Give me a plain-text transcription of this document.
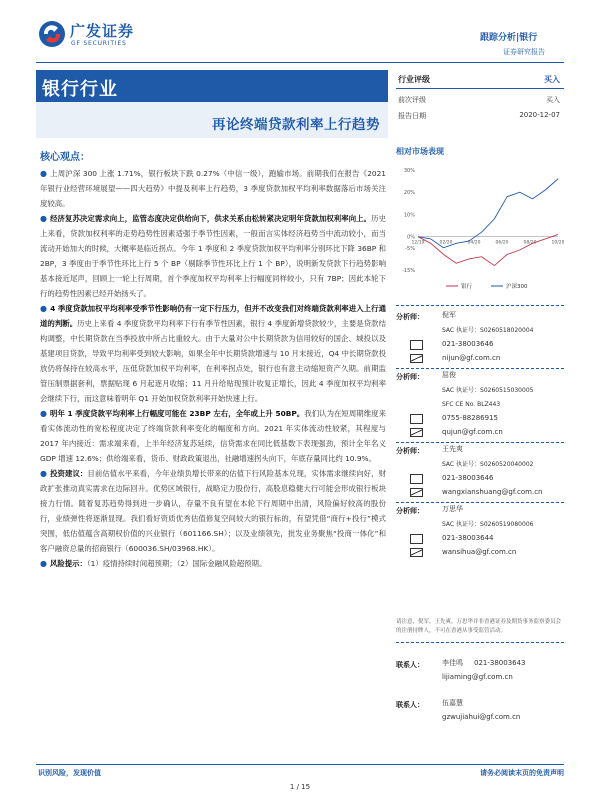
广发证券
GF SECURITIES
跟踪分析|银行
证券研究报告
银行行业
再论终端贷款利率上行趋势
行业评级	买入
前次评级	买入
报告日期	2020-12-07
核心观点：
● 上周沪深 300 上涨 1.71%，银行板块下跌 0.27%（中信一级），跑输市场。前期我们在报告《2021 年银行业经营环境展望——四大趋势》中提及利率上行趋势，3 季度贷款加权平均利率数据落后市场关注度较高。
● 经济复苏决定需求向上，监管态度决定供给向下，供求关系由松转紧决定明年贷款加权利率向上。历史上来看，贷款加权利率的走势趋势性因素适强于季节性因素，一般而言实体经济趋势当中流动较小，而当流动开始加大的时候，大概率是临近拐点。今年 1 季度和 2 季度贷款加权平均利率分别环比下降 36BP 和 2BP，3 季度由于季节性环比上行 5 个 BP（剔除季节性环比上行 1 个 BP），说明新发贷款下行趋势影响基本接近尾声，回顾上一轮上行周期，首个季度加权平均利率上行幅度同样较小，只有 7BP；因此本轮下行的趋势性因素已经开始扬头了。
● 4 季度贷款加权平均利率受季节性影响仍有一定下行压力，但并不改变我们对终端贷款利率进入上行通道的判断。历史上来看 4 季度贷款平均利率下行有季节性因素，银行 4 季度新增贷款较少，主要是贷款结构调整，中长期贷款在当季投放中所占比重较大。由于大量对公中长期贷款为信用较好的国企、城投以及基建项目贷款，导致平均利率受到较大影响，如果全年中长期贷款增速与 10 月末接近，Q4 中长期贷款投放仍将保持在较高水平，压低贷款加权平均利率，在利率拐点处，银行也有意主动缩短资产久期。前期监管压制票据套利，票据贴现 6 月起逐月收缩；11 月升给贴现预计收复正增长，因此 4 季度加权平均利率会继续下行，而这意味着明年 Q1 开始加权贷款利率开始快速上行。
● 明年 1 季度贷款平均利率上行幅度可能在 23BP 左右，全年或上升 50BP。我们认为在短周期维度来看实体流动性的宽松程度决定了终端贷款利率变化的幅度和方向。2021 年实体流动性较紧，其程度与 2017 年内接近：需求端来看，上半年经济复苏延续，信贷需求在同比低基数下表现强劲，预计全年名义 GDP 增速 12.6%；供给端来看，货币、财政政策退出，社融增速拐头向下，年底存量同比约 10.9%。
● 投资建议：目前估值水平来看，今年业绩负增长带来的估值下行风险基本兑现，实体需求继续向好，财政扩张推动真实需求在边际回升。优势区域银行，战略定力股份行，高股息稳健大行可能会形成银行板块接力行情。随着复苏趋势得到进一步确认，存量不良有望在本轮下行周期中出清，风险偏好较高的股份行，业绩弹性将逐渐显现。我们看好资质优秀估值修复空间较大的银行标的，有望凭借“商行+投行”模式突围，低估值蕴含高期权价值的兴业银行（601166.SH）；以及业绩领先，批发业务聚焦“投商一体化”和客户融资总量的招商银行（600036.SH/03968.HK）。
● 风险提示：（1）疫情持续时间超预期；（2）国际金融风险超预期。
相对市场表现
30%
20%
10%
0%
-5%
-15%
12/19	02/20	04/20	06/20	08/20	10/20
银行	沪深300
分析师：	倪军
SAC 执证号：S0260518020004
021-38003646
nijun@gf.com.cn
分析师：	屈俊
SAC 执证号：S0260515030005
SFC CE No. BLZ443
0755-88286915
qujun@gf.com.cn
分析师：	王先爽
SAC 执证号：S0260520040002
021-38003646
wangxianshuang@gf.com.cn
分析师：	万思华
SAC 执证号：S0260519080006
021-38003644
wansihua@gf.com.cn
请注意，倪军，王先爽，万思华并非香港证券及期货事务监察委员会的注册持牌人，不可在香港从事受监管活动。
联系人：	李佳鸣 021-38003643
lijiaming@gf.com.cn
联系人：	伍嘉慧
gzwujiahui@gf.com.cn
识别风险，发现价值	请务必阅读末页的免责声明
1 / 15
